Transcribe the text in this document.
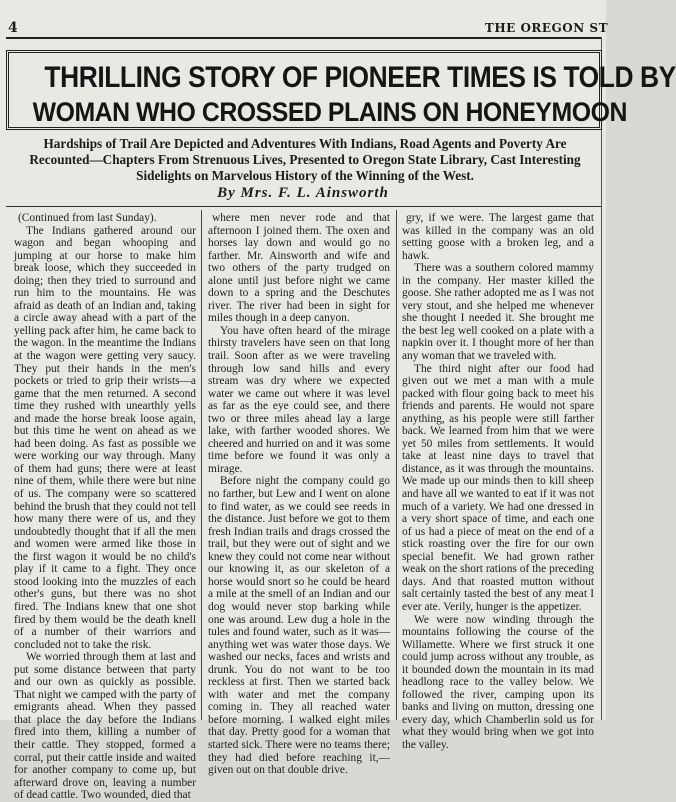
4	THE OREGON ST
THRILLING STORY OF PIONEER TIMES IS TOLD BY
WOMAN WHO CROSSED PLAINS ON HONEYMOON
Hardships of Trail Are Depicted and Adventures With Indians, Road Agents and Poverty Are Recounted—Chapters From Strenuous Lives, Presented to Oregon State Library, Cast Interesting Sidelights on Marvelous History of the Winning of the West.
By Mrs. F. L. Ainsworth

(Continued from last Sunday).

The Indians gathered around our wagon and began whooping and jumping at our horse to make him break loose, which they succeeded in doing; then they tried to surround and run him to the mountains. He was afraid as death of an Indian and, taking a circle away ahead with a part of the yelling pack after him, he came back to the wagon. In the meantime the Indians at the wagon were getting very saucy. They put their hands in the men's pockets or tried to grip their wrists—a game that the men returned. A second time they rushed with unearthly yells and made the horse break loose again, but this time he went on ahead as we had been doing. As fast as possible we were working our way through. Many of them had guns; there were at least nine of them, while there were but nine of us. The company were so scattered behind the brush that they could not tell how many there were of us, and they undoubtedly thought that if all the men and women were armed like those in the first wagon it would be no child's play if it came to a fight. They once stood looking into the muzzles of each other's guns, but there was no shot fired. The Indians knew that one shot fired by them would be the death knell of a number of their warriors and concluded not to take the risk.

We worried through them at last and put some distance between that party and our own as quickly as possible. That night we camped with the party of emigrants ahead. When they passed that place the day before the Indians fired into them, killing a number of their cattle. They stopped, formed a corral, put their cattle inside and waited for another company to come up, but afterward drove on, leaving a number of dead cattle. Two wounded, died that

where men never rode and that afternoon I joined them. The oxen and horses lay down and would go no farther. Mr. Ainsworth and wife and two others of the party trudged on alone until just before night we came down to a spring and the Deschutes river. The river had been in sight for miles though in a deep canyon.

You have often heard of the mirage thirsty travelers have seen on that long trail. Soon after as we were traveling through low sand hills and every stream was dry where we expected water we came out where it was level as far as the eye could see, and there two or three miles ahead lay a large lake, with farther wooded shores. We cheered and hurried on and it was some time before we found it was only a mirage.

Before night the company could go no farther, but Lew and I went on alone to find water, as we could see reeds in the distance. Just before we got to them fresh Indian trails and drags crossed the trail, but they were out of sight and we knew they could not come near without our knowing it, as our skeleton of a horse would snort so he could be heard a mile at the smell of an Indian and our dog would never stop barking while one was around. Lew dug a hole in the tules and found water, such as it was—anything wet was water those days. We washed our necks, faces and wrists and drunk. You do not want to be too reckless at first. Then we started back with water and met the company coming in. They all reached water before morning. I walked eight miles that day. Pretty good for a woman that started sick. There were no teams there; they had died before reaching it,—given out on that double drive.

gry, if we were. The largest game that was killed in the company was an old setting goose with a broken leg, and a hawk.

There was a southern colored mammy in the company. Her master killed the goose. She rather adopted me as I was not very stout, and she helped me whenever she thought I needed it. She brought me the best leg well cooked on a plate with a napkin over it. I thought more of her than any woman that we traveled with.

The third night after our food had given out we met a man with a mule packed with flour going back to meet his friends and parents. He would not spare anything, as his people were still farther back. We learned from him that we were yet 50 miles from settlements. It would take at least nine days to travel that distance, as it was through the mountains. We made up our minds then to kill sheep and have all we wanted to eat if it was not much of a variety. We had one dressed in a very short space of time, and each one of us had a piece of meat on the end of a stick roasting over the fire for our own special benefit. We had grown rather weak on the short rations of the preceding days. And that roasted mutton without salt certainly tasted the best of any meat I ever ate. Verily, hunger is the appetizer.

We were now winding through the mountains following the course of the Willamette. Where we first struck it one could jump across without any trouble, as it bounded down the mountain in its mad headlong race to the valley below. We followed the river, camping upon its banks and living on mutton, dressing one every day, which Chamberlin sold us for what they would bring when we got into the valley.
